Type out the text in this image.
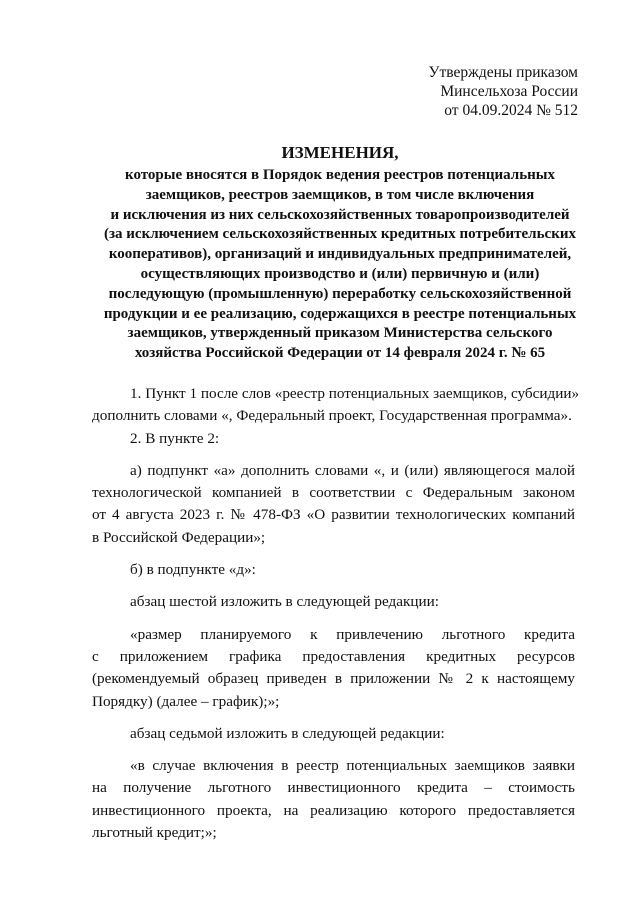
Утверждены приказом
Минсельхоза России
от 04.09.2024 № 512
ИЗМЕНЕНИЯ,
которые вносятся в Порядок ведения реестров потенциальных
заемщиков, реестров заемщиков, в том числе включения
и исключения из них сельскохозяйственных товаропроизводителей
(за исключением сельскохозяйственных кредитных потребительских
кооперативов), организаций и индивидуальных предпринимателей,
осуществляющих производство и (или) первичную и (или)
последующую (промышленную) переработку сельскохозяйственной
продукции и ее реализацию, содержащихся в реестре потенциальных
заемщиков, утвержденный приказом Министерства сельского
хозяйства Российской Федерации от 14 февраля 2024 г. № 65
1. Пункт 1 после слов «реестр потенциальных заемщиков, субсидии»
дополнить словами «, Федеральный проект, Государственная программа».
2. В пункте 2:
а) подпункт «а» дополнить словами «, и (или) являющегося малой
технологической компанией в соответствии с Федеральным законом
от 4 августа 2023 г. № 478-ФЗ «О развитии технологических компаний
в Российской Федерации»;
б) в подпункте «д»:
абзац шестой изложить в следующей редакции:
«размер планируемого к привлечению льготного кредита
с приложением графика предоставления кредитных ресурсов
(рекомендуемый образец приведен в приложении № 2 к настоящему
Порядку) (далее – график);»;
абзац седьмой изложить в следующей редакции:
«в случае включения в реестр потенциальных заемщиков заявки
на получение льготного инвестиционного кредита – стоимость
инвестиционного проекта, на реализацию которого предоставляется
льготный кредит;»;
